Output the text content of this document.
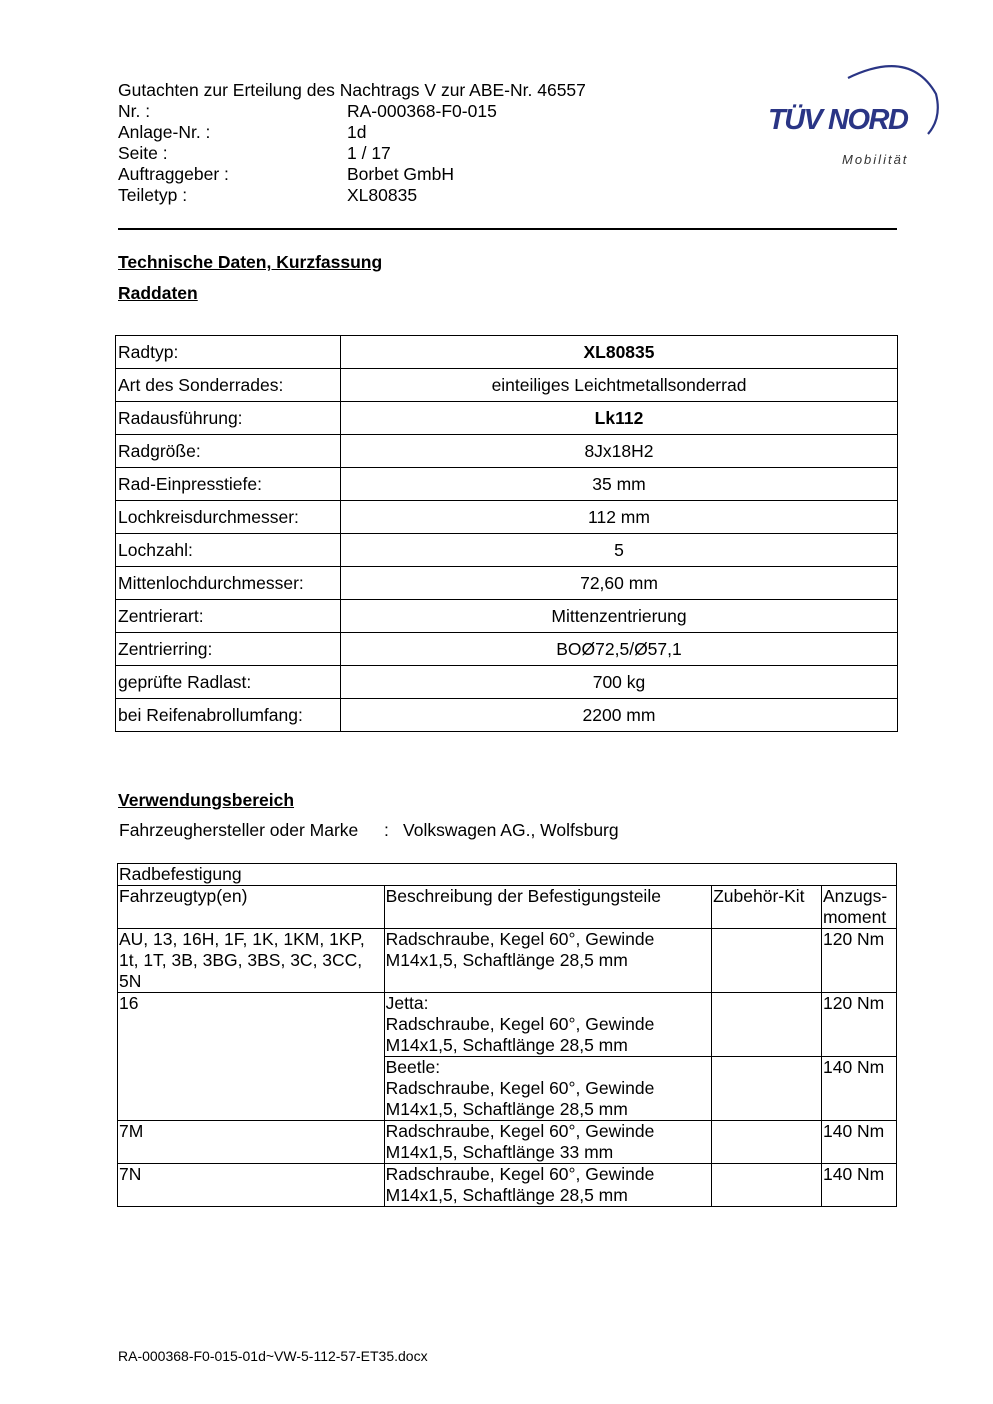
Gutachten zur Erteilung des Nachtrags V zur ABE-Nr. 46557
Nr. :	RA-000368-F0-015
Anlage-Nr. :	1d
Seite :	1 / 17
Auftraggeber :	Borbet GmbH
Teiletyp :	XL80835
TÜV NORD
Mobilität
Technische Daten, Kurzfassung
Raddaten
Radtyp:	XL80835
Art des Sonderrades:	einteiliges Leichtmetallsonderrad
Radausführung:	Lk112
Radgröße:	8Jx18H2
Rad-Einpresstiefe:	35 mm
Lochkreisdurchmesser:	112 mm
Lochzahl:	5
Mittenlochdurchmesser:	72,60 mm
Zentrierart:	Mittenzentrierung
Zentrierring:	BOØ72,5/Ø57,1
geprüfte Radlast:	700 kg
bei Reifenabrollumfang:	2200 mm
Verwendungsbereich
Fahrzeughersteller oder Marke	: Volkswagen AG., Wolfsburg
Radbefestigung			
Fahrzeugtyp(en)	Beschreibung der Befestigungsteile	Zubehör-Kit	Anzugs-
moment

AU, 13, 16H, 1F, 1K, 1KM, 1KP,
1t, 1T, 3B, 3BG, 3BS, 3C, 3CC,
5N	Radschraube, Kegel 60°, Gewinde
M14x1,5, Schaftlänge 28,5 mm		120 Nm

16	Jetta:
Radschraube, Kegel 60°, Gewinde
M14x1,5, Schaftlänge 28,5 mm		120 Nm

	Beetle:
Radschraube, Kegel 60°, Gewinde
M14x1,5, Schaftlänge 28,5 mm		140 Nm

7M	Radschraube, Kegel 60°, Gewinde
M14x1,5, Schaftlänge 33 mm		140 Nm

7N	Radschraube, Kegel 60°, Gewinde
M14x1,5, Schaftlänge 28,5 mm		140 Nm
RA-000368-F0-015-01d~VW-5-112-57-ET35.docx
